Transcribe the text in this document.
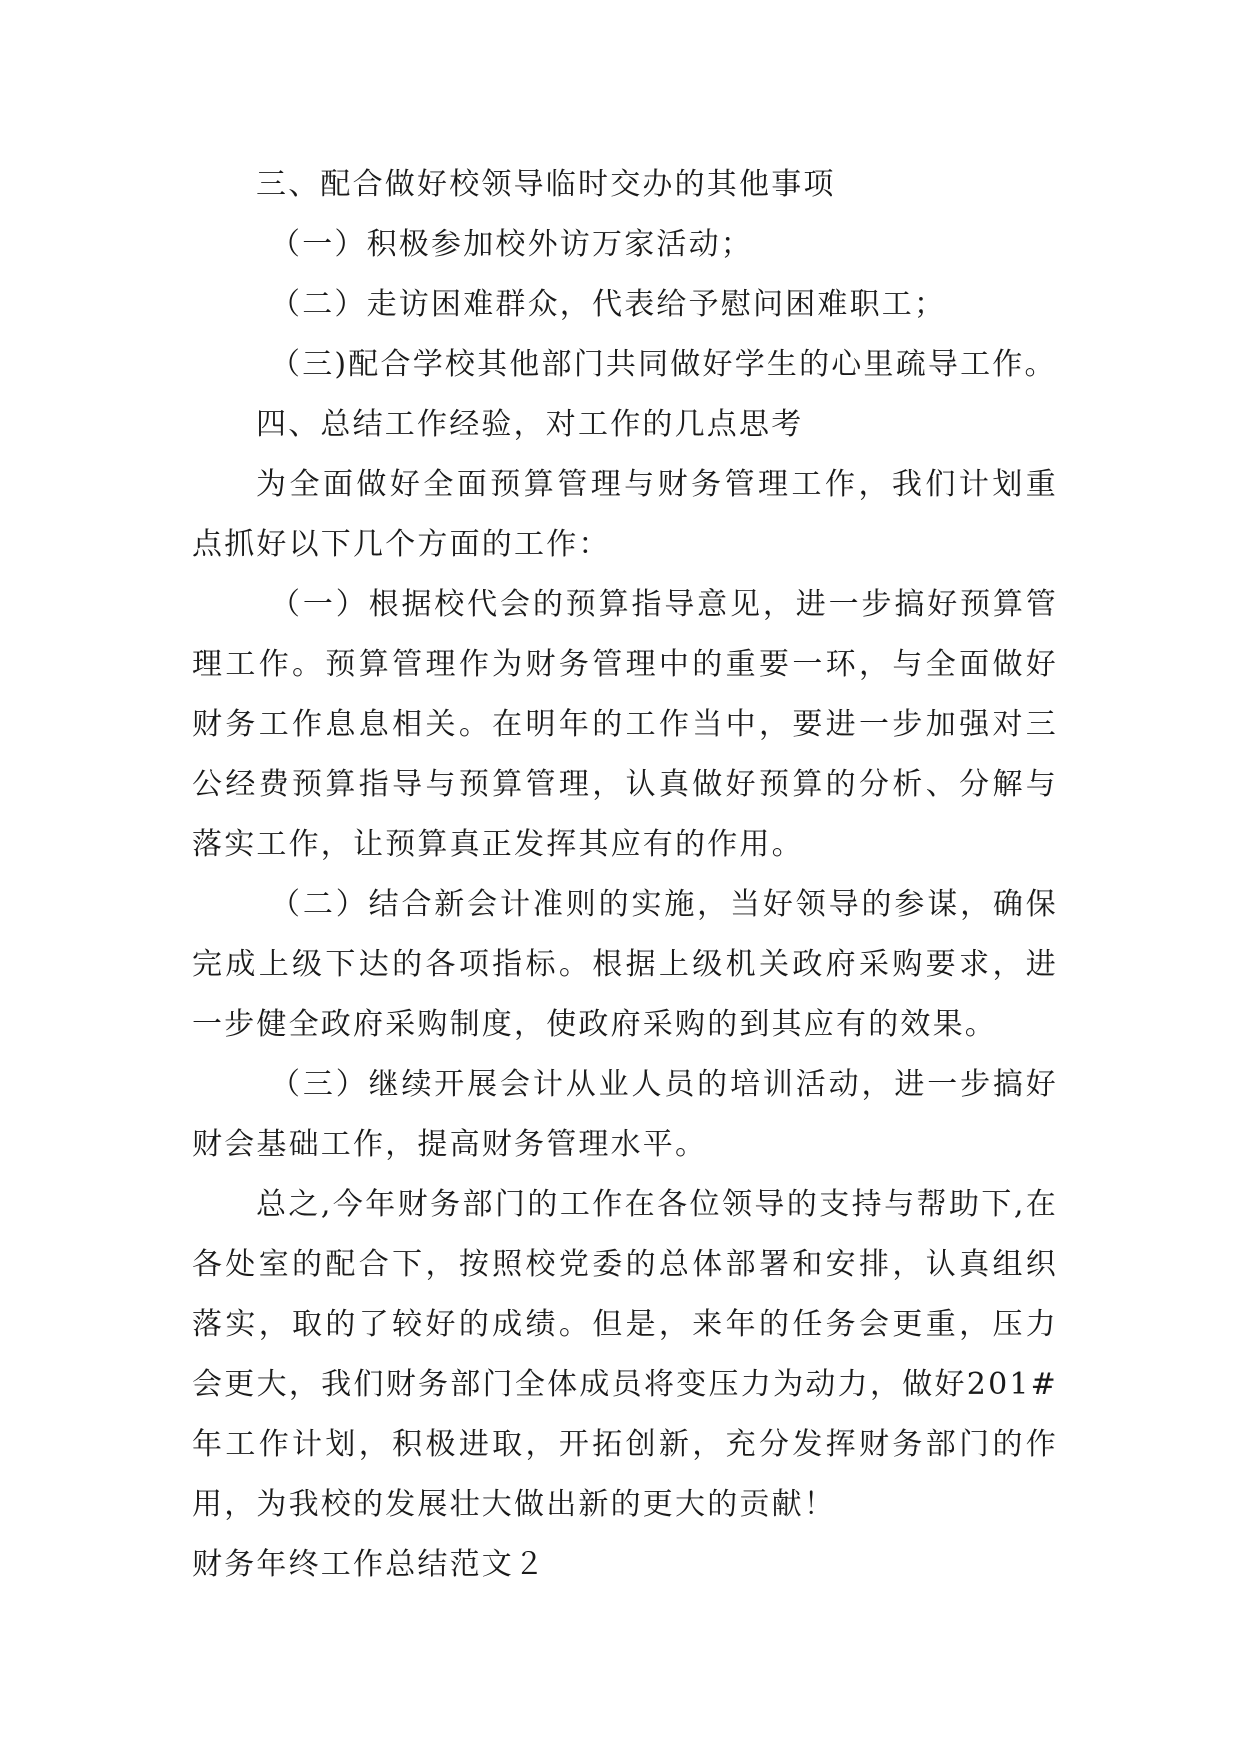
三、配合做好校领导临时交办的其他事项

（一）积极参加校外访万家活动；

（二）走访困难群众，代表给予慰问困难职工；

（三)配合学校其他部门共同做好学生的心里疏导工作。

四、总结工作经验，对工作的几点思考

为全面做好全面预算管理与财务管理工作，我们计划重点抓好以下几个方面的工作：

（一）根据校代会的预算指导意见，进一步搞好预算管理工作。预算管理作为财务管理中的重要一环，与全面做好财务工作息息相关。在明年的工作当中，要进一步加强对三公经费预算指导与预算管理，认真做好预算的分析、分解与落实工作，让预算真正发挥其应有的作用。

（二）结合新会计准则的实施，当好领导的参谋，确保完成上级下达的各项指标。根据上级机关政府采购要求，进一步健全政府采购制度，使政府采购的到其应有的效果。

（三）继续开展会计从业人员的培训活动，进一步搞好财会基础工作，提高财务管理水平。

总之,今年财务部门的工作在各位领导的支持与帮助下,在各处室的配合下，按照校党委的总体部署和安排，认真组织落实，取的了较好的成绩。但是，来年的任务会更重，压力会更大，我们财务部门全体成员将变压力为动力，做好201#年工作计划，积极进取，开拓创新，充分发挥财务部门的作用，为我校的发展壮大做出新的更大的贡献！

财务年终工作总结范文２
